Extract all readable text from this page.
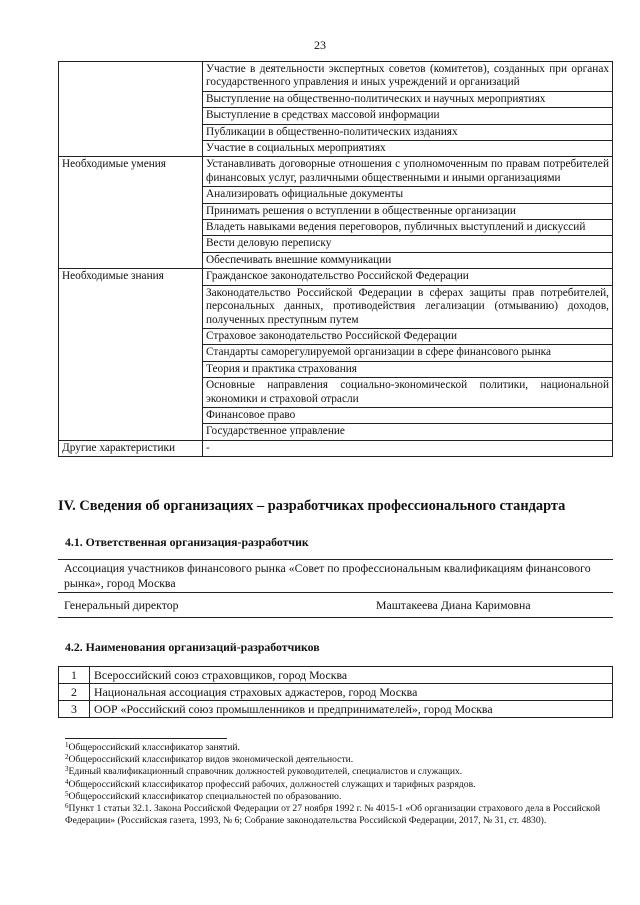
23
	Участие в деятельности экспертных советов (комитетов), созданных при органах государственного управления и иных учреждений и организаций
	Выступление на общественно-политических и научных мероприятиях
	Выступление в средствах массовой информации
	Публикации в общественно-политических изданиях
	Участие в социальных мероприятиях
Необходимые умения	Устанавливать договорные отношения с уполномоченным по правам потребителей финансовых услуг, различными общественными и иными организациями
	Анализировать официальные документы
	Принимать решения о вступлении в общественные организации
	Владеть навыками ведения переговоров, публичных выступлений и дискуссий
	Вести деловую переписку
	Обеспечивать внешние коммуникации
Необходимые знания	Гражданское законодательство Российской Федерации
	Законодательство Российской Федерации в сферах защиты прав потребителей, персональных данных, противодействия легализации (отмыванию) доходов, полученных преступным путем
	Страховое законодательство Российской Федерации
	Стандарты саморегулируемой организации в сфере финансового рынка
	Теория и практика страхования
	Основные направления социально-экономической политики, национальной экономики и страховой отрасли
	Финансовое право
	Государственное управление
Другие характеристики	-
IV. Сведения об организациях – разработчиках профессионального стандарта
4.1. Ответственная организация-разработчик
Ассоциация участников финансового рынка «Совет по профессиональным квалификациям финансового рынка», город Москва
Генеральный директор	Маштакеева Диана Каримовна
4.2. Наименования организаций-разработчиков
1	Всероссийский союз страховщиков, город Москва
2	Национальная ассоциация страховых аджастеров, город Москва
3	ООР «Российский союз промышленников и предпринимателей», город Москва

$^1$Общероссийский классификатор занятий.

$^2$Общероссийский классификатор видов экономической деятельности.

$^3$Единый квалификационный справочник должностей руководителей, специалистов и служащих.

$^4$Общероссийский классификатор профессий рабочих, должностей служащих и тарифных разрядов.

$^5$Общероссийский классификатор специальностей по образованию.

$^6$Пункт 1 статьи 32.1. Закона Российской Федерации от 27 ноября 1992 г. № 4015-1 «Об организации страхового дела в Российской Федерации» (Российская газета, 1993, № 6; Собрание законодательства Российской Федерации, 2017, № 31, ст. 4830).
